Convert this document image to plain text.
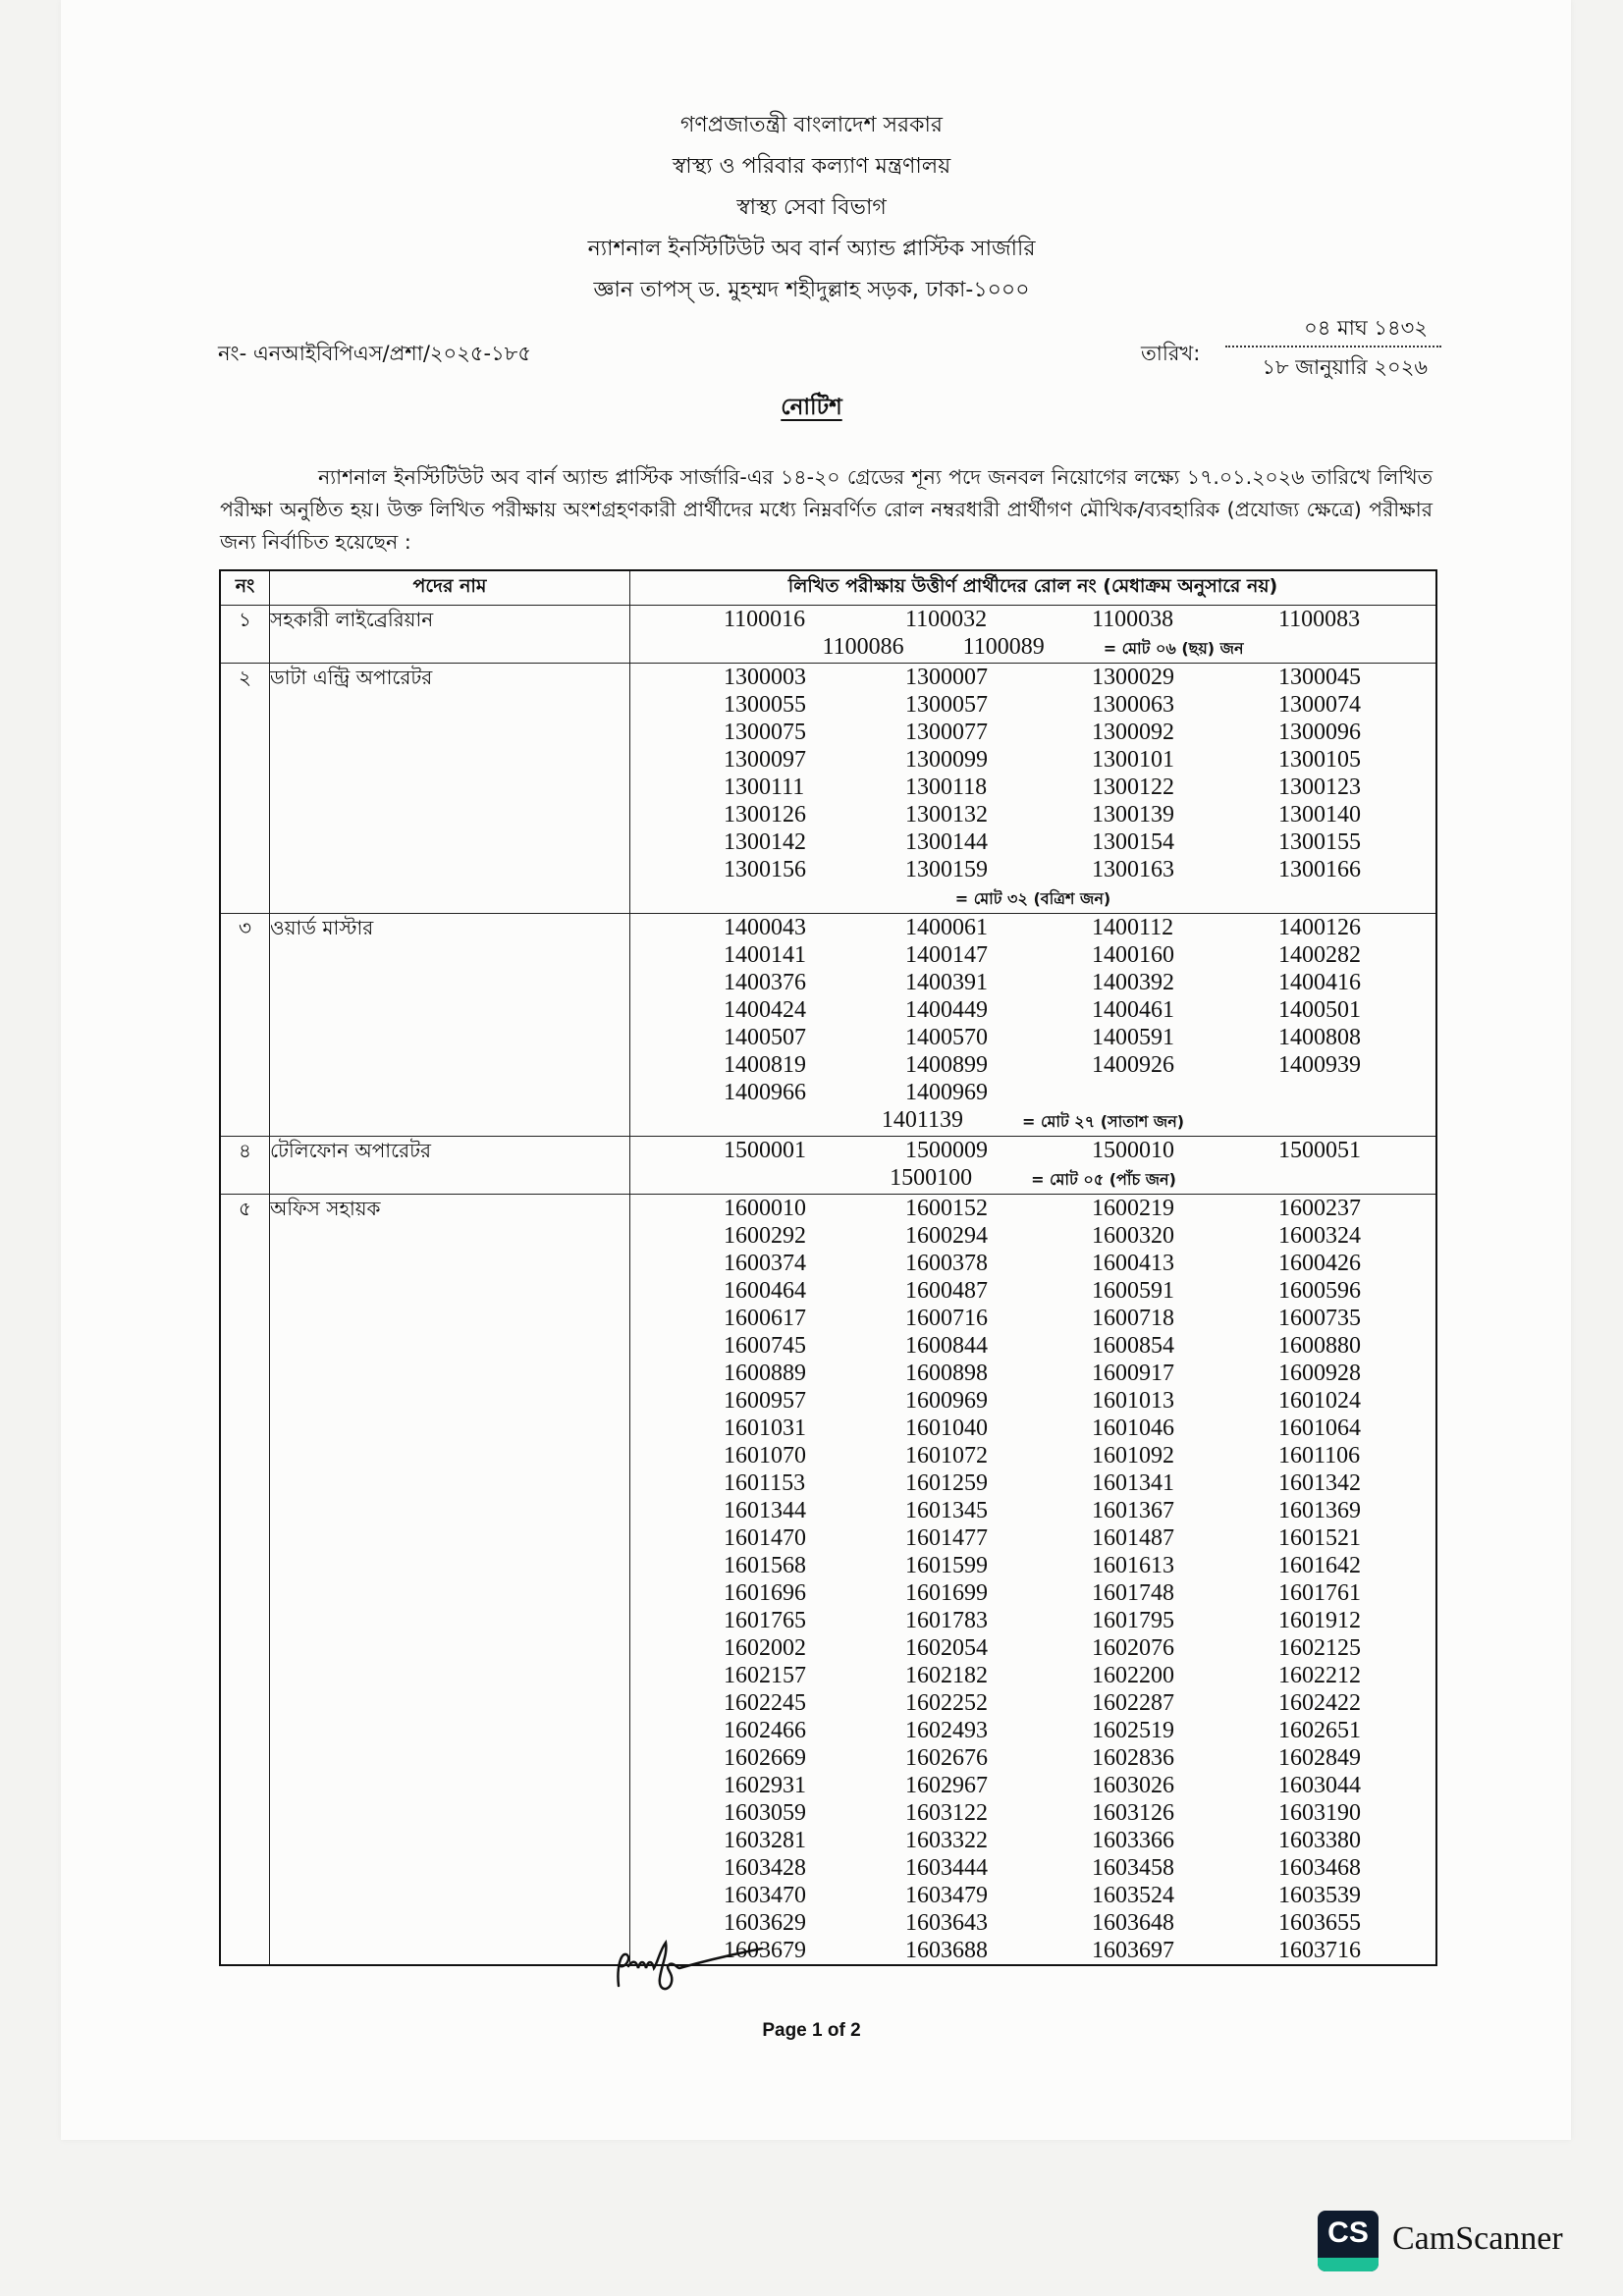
গণপ্রজাতন্ত্রী বাংলাদেশ সরকার
স্বাস্থ্য ও পরিবার কল্যাণ মন্ত্রণালয়
স্বাস্থ্য সেবা বিভাগ
ন্যাশনাল ইনস্টিটিউট অব বার্ন অ্যান্ড প্লাস্টিক সার্জারি
জ্ঞান তাপস্ ড. মুহম্মদ শহীদুল্লাহ সড়ক, ঢাকা-১০০০
নং- এনআইবিপিএস/প্রশা/২০২৫-১৮৫	তারিখ:
০৪ মাঘ ১৪৩২
১৮ জানুয়ারি ২০২৬
নোটিশ
ন্যাশনাল ইনস্টিটিউট অব বার্ন অ্যান্ড প্লাস্টিক সার্জারি-এর ১৪-২০ গ্রেডের শূন্য পদে জনবল নিয়োগের লক্ষ্যে ১৭.০১.২০২৬ তারিখে লিখিত পরীক্ষা অনুষ্ঠিত হয়। উক্ত লিখিত পরীক্ষায় অংশগ্রহণকারী প্রার্থীদের মধ্যে নিম্নবর্ণিত রোল নম্বরধারী প্রার্থীগণ মৌখিক/ব্যবহারিক (প্রযোজ্য ক্ষেত্রে) পরীক্ষার জন্য নির্বাচিত হয়েছেন :
নং	পদের নাম	লিখিত পরীক্ষায় উত্তীর্ণ প্রার্থীদের রোল নং (মেধাক্রম অনুসারে নয়)
১	সহকারী লাইব্রেরিয়ান	1100016 1100032 1100038 1100083
1100086 1100089 = মোট ০৬ (ছয়) জন

২	ডাটা এন্ট্রি অপারেটর	1300003	1300007	1300029	1300045
1300055	1300057	1300063	1300074
1300075	1300077	1300092	1300096
1300097	1300099	1300101	1300105
1300111	1300118	1300122	1300123
1300126	1300132	1300139	1300140
1300142	1300144	1300154	1300155
1300156	1300159	1300163	1300166
= মোট ৩২ (বত্রিশ জন)

৩	ওয়ার্ড মাস্টার	1400043	1400061	1400112	1400126
1400141	1400147	1400160	1400282
1400376	1400391	1400392	1400416
1400424	1400449	1400461	1400501
1400507	1400570	1400591	1400808
1400819	1400899	1400926	1400939
1400966	1400969
1401139	= মোট ২৭ (সাতাশ জন)

৪	টেলিফোন অপারেটর	1500001 1500009 1500010 1500051
1500100 = মোট ০৫ (পাঁচ জন)

৫	অফিস সহায়ক	1600010	1600152	1600219	1600237
1600292	1600294	1600320	1600324
1600374	1600378	1600413	1600426
1600464	1600487	1600591	1600596
1600617	1600716	1600718	1600735
1600745	1600844	1600854	1600880
1600889	1600898	1600917	1600928
1600957	1600969	1601013	1601024
1601031	1601040	1601046	1601064
1601070	1601072	1601092	1601106
1601153	1601259	1601341	1601342
1601344	1601345	1601367	1601369
1601470	1601477	1601487	1601521
1601568	1601599	1601613	1601642
1601696	1601699	1601748	1601761
1601765	1601783	1601795	1601912
1602002	1602054	1602076	1602125
1602157	1602182	1602200	1602212
1602245	1602252	1602287	1602422
1602466	1602493	1602519	1602651
1602669	1602676	1602836	1602849
1602931	1602967	1603026	1603044
1603059	1603122	1603126	1603190
1603281	1603322	1603366	1603380
1603428	1603444	1603458	1603468
1603470	1603479	1603524	1603539
1603629	1603643	1603648	1603655
1603679	1603688	1603697	1603716
Page 1 of 2
CS CamScanner
